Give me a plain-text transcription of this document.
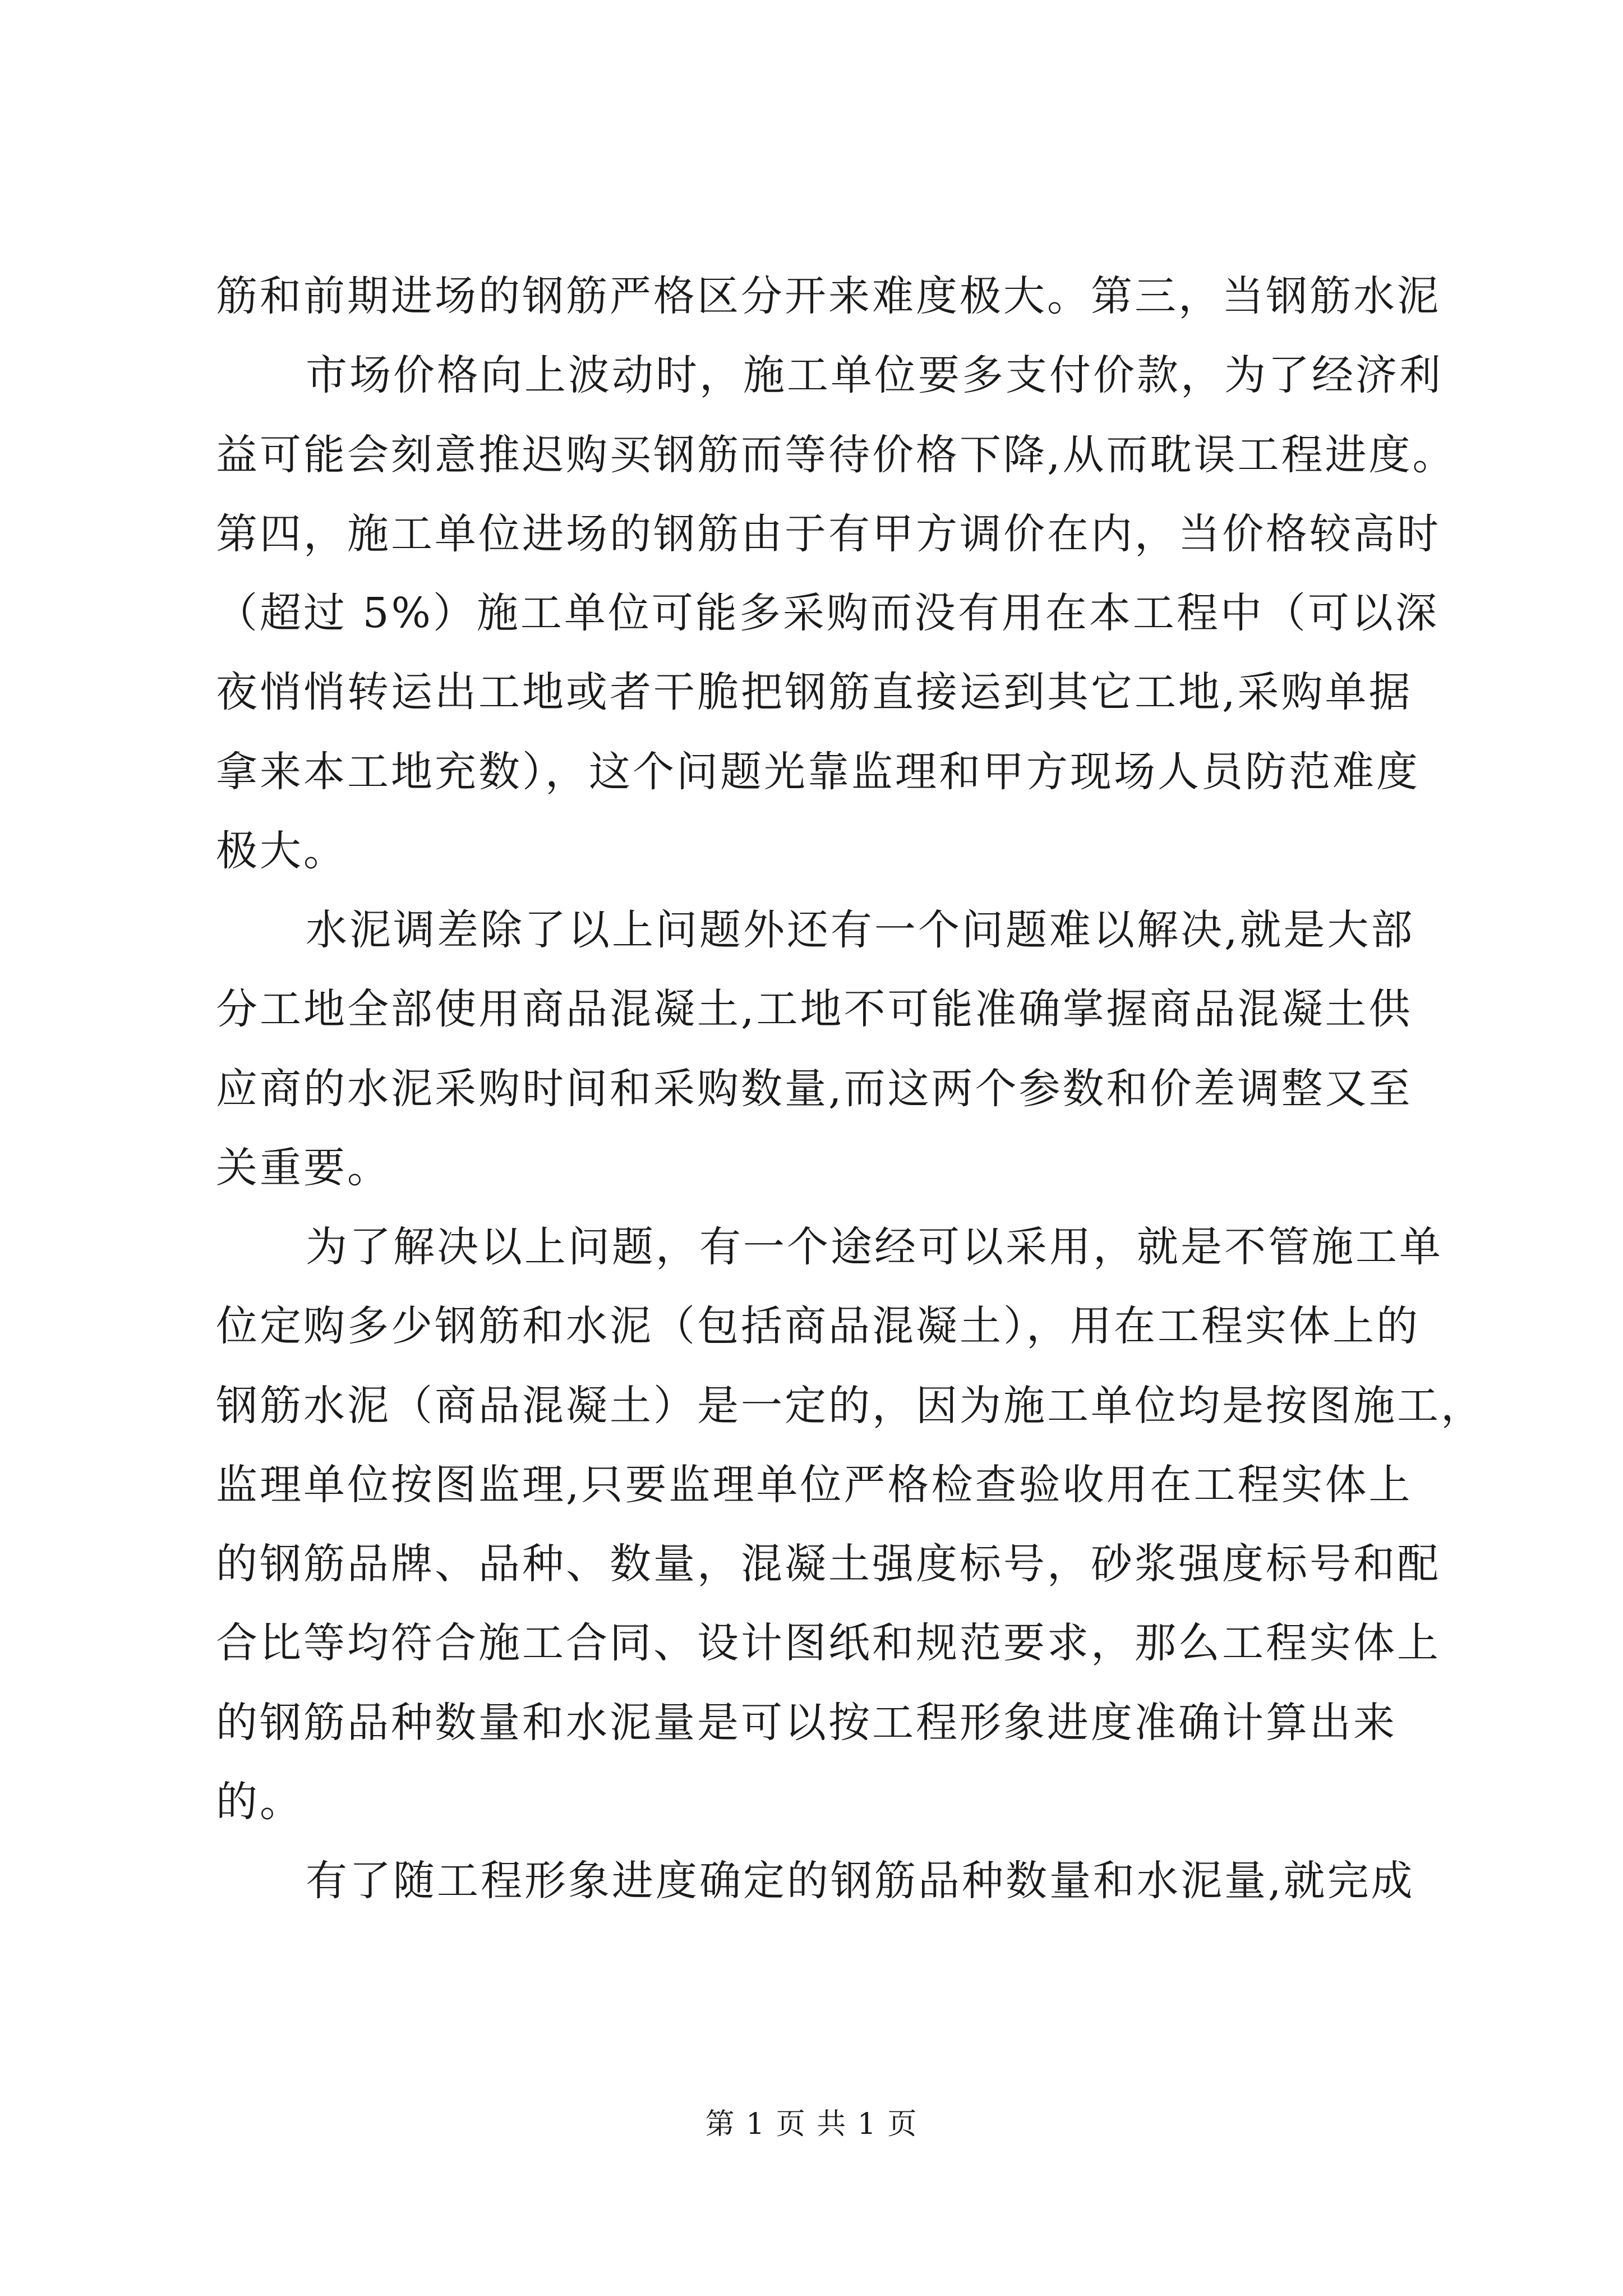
筋和前期进场的钢筋严格区分开来难度极大。第三，当钢筋水泥
市场价格向上波动时，施工单位要多支付价款，为了经济利
益可能会刻意推迟购买钢筋而等待价格下降,从而耽误工程进度。
第四，施工单位进场的钢筋由于有甲方调价在内，当价格较高时
（超过 5%）施工单位可能多采购而没有用在本工程中（可以深
夜悄悄转运出工地或者干脆把钢筋直接运到其它工地,采购单据
拿来本工地充数），这个问题光靠监理和甲方现场人员防范难度
极大。
水泥调差除了以上问题外还有一个问题难以解决,就是大部
分工地全部使用商品混凝土,工地不可能准确掌握商品混凝土供
应商的水泥采购时间和采购数量,而这两个参数和价差调整又至
关重要。
为了解决以上问题，有一个途经可以采用，就是不管施工单
位定购多少钢筋和水泥（包括商品混凝土），用在工程实体上的
钢筋水泥（商品混凝土）是一定的，因为施工单位均是按图施工，
监理单位按图监理,只要监理单位严格检查验收用在工程实体上
的钢筋品牌、品种、数量，混凝土强度标号，砂浆强度标号和配
合比等均符合施工合同、设计图纸和规范要求，那么工程实体上
的钢筋品种数量和水泥量是可以按工程形象进度准确计算出来
的。
有了随工程形象进度确定的钢筋品种数量和水泥量,就完成
第 1 页 共 1 页
